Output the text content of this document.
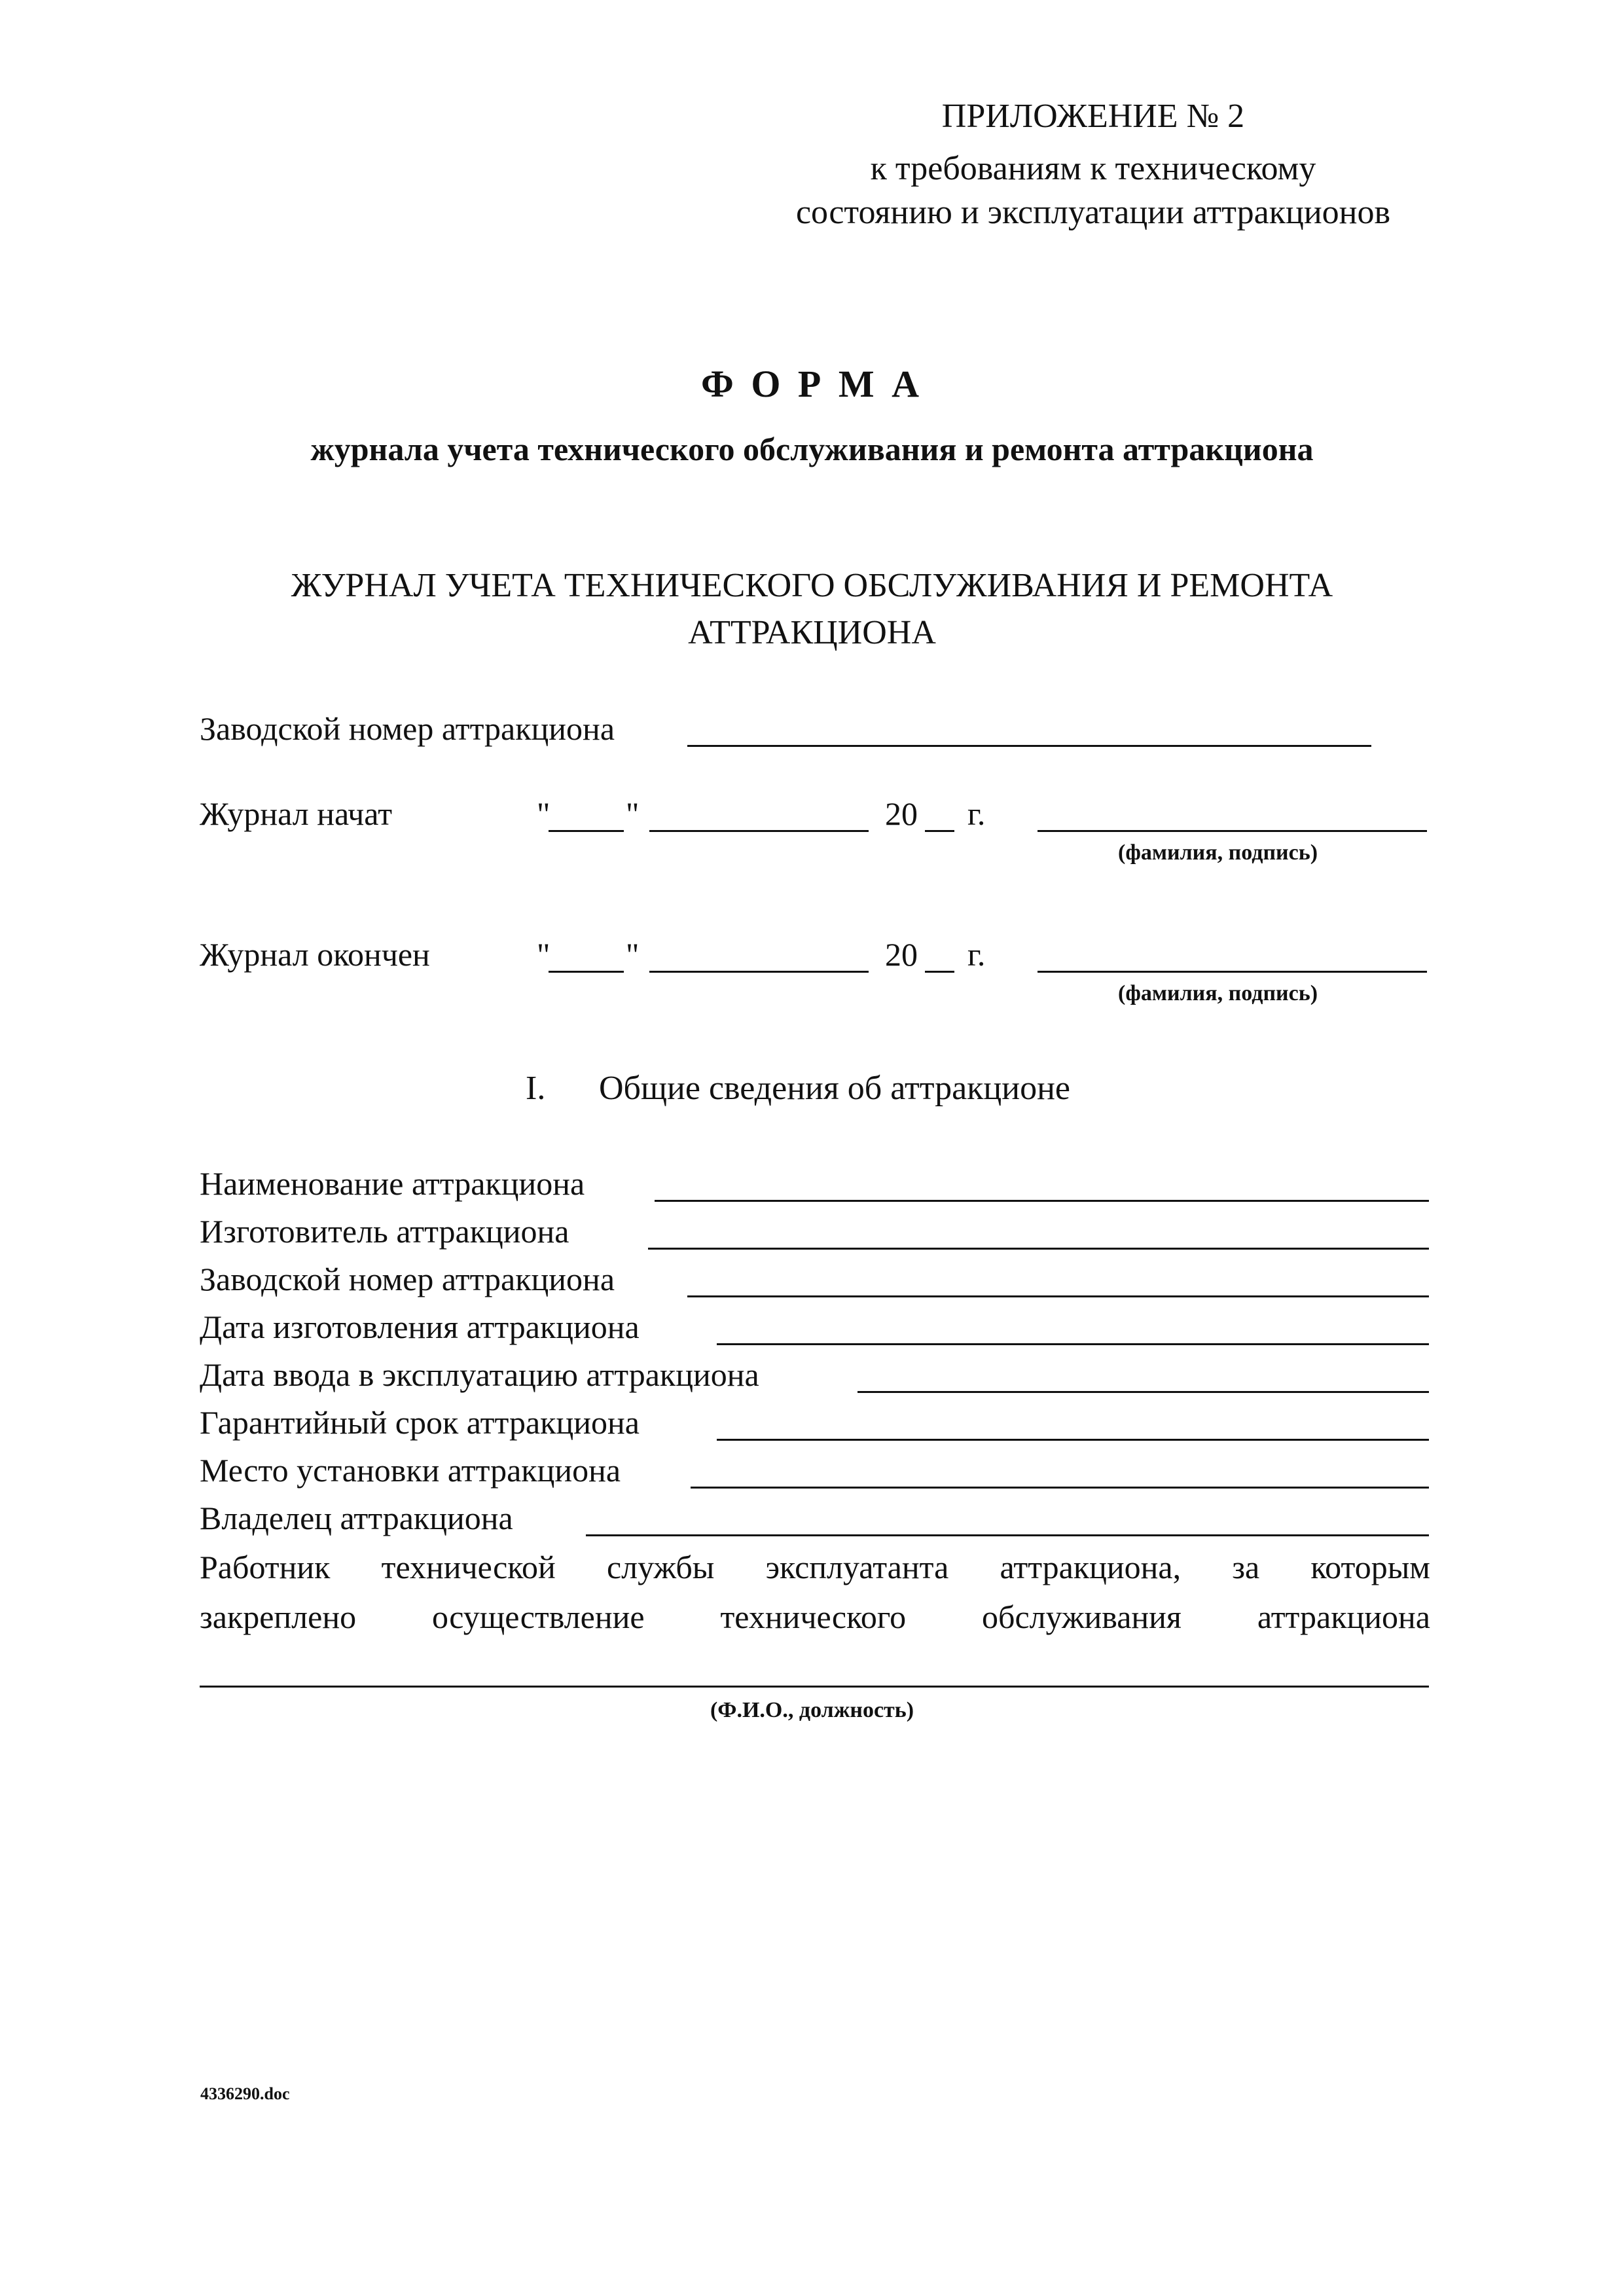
ПРИЛОЖЕНИЕ № 2
к требованиям к техническому
состоянию и эксплуатации аттракционов
Ф О Р М А
журнала учета технического обслуживания и ремонта аттракциона
ЖУРНАЛ УЧЕТА ТЕХНИЧЕСКОГО ОБСЛУЖИВАНИЯ И РЕМОНТА
АТТРАКЦИОНА
Заводской номер аттракциона
Журнал начат	" "	20 г.
(фамилия, подпись)
Журнал окончен	" "	20 г.
(фамилия, подпись)
I. Общие сведения об аттракционе
Наименование аттракциона
Изготовитель аттракциона
Заводской номер аттракциона
Дата изготовления аттракциона
Дата ввода в эксплуатацию аттракциона
Гарантийный срок аттракциона
Место установки аттракциона
Владелец аттракциона
Работник технической службы эксплуатанта аттракциона, за которым
закреплено осуществление технического обслуживания аттракциона
(Ф.И.О., должность)
4336290.doc
